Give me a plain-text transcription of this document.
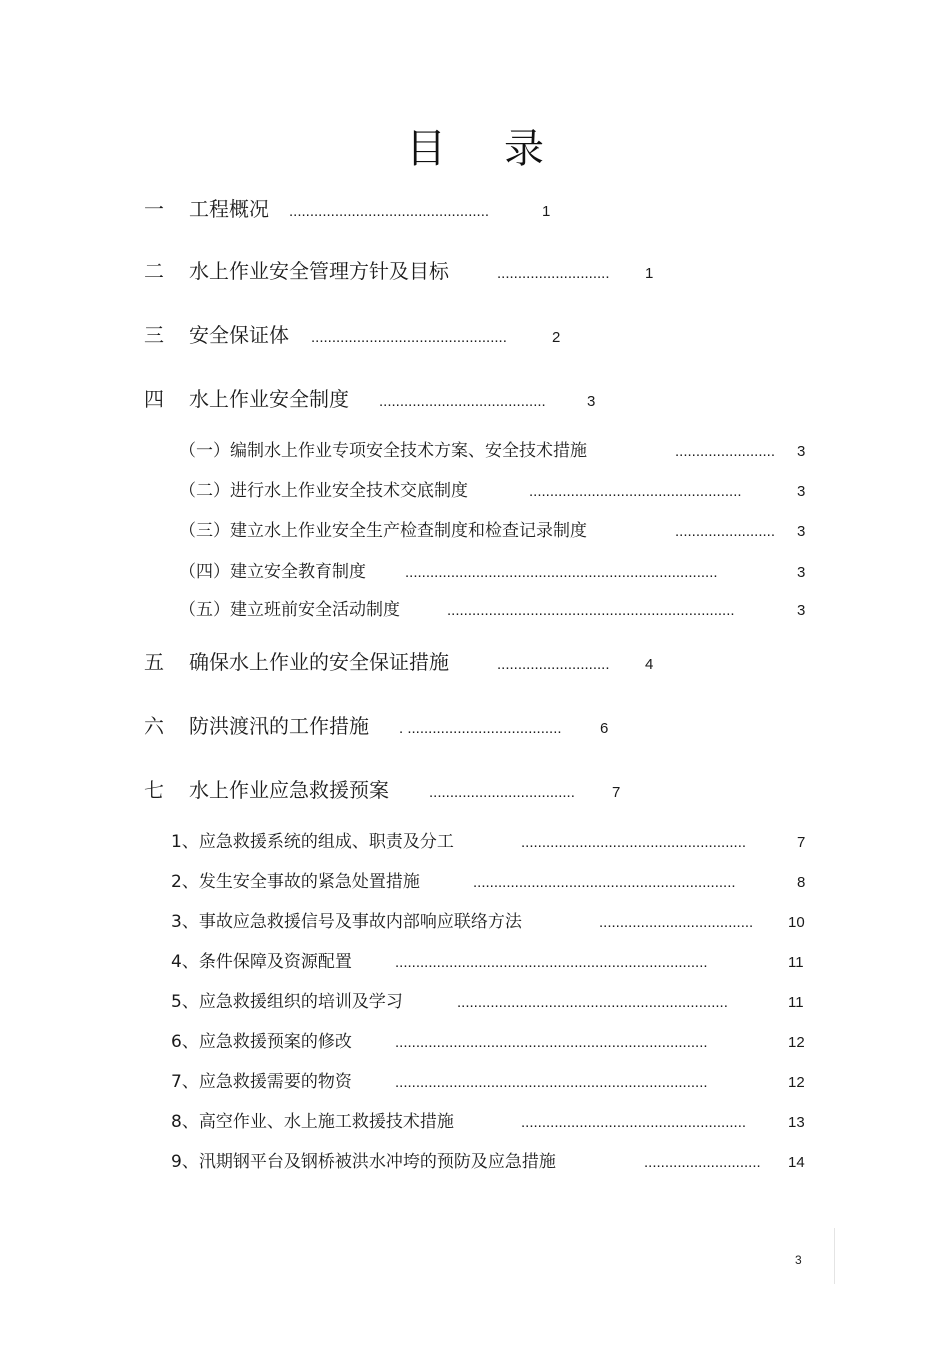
目 录
一 工程概况 ................................................	1
二 水上作业安全管理方针及目标	...........................	1
三 安全保证体 ...............................................	2
四 水上作业安全制度 ........................................	3
（一）编制水上作业专项安全技术方案、安全技术措施	........................	3
（二）进行水上作业安全技术交底制度	...................................................	3
（三）建立水上作业安全生产检查制度和检查记录制度	........................	3
（四）建立安全教育制度	...........................................................................	3
（五）建立班前安全活动制度	.....................................................................	3
五 确保水上作业的安全保证措施	...........................	4
六 防洪渡汛的工作措施 . .....................................	6
七 水上作业应急救援预案	...................................	7
1、应急救援系统的组成、职责及分工	......................................................	7
2、发生安全事故的紧急处置措施	...............................................................	8
3、事故应急救援信号及事故内部响应联络方法	.....................................	10
4、条件保障及资源配置	...........................................................................	11
5、应急救援组织的培训及学习	.................................................................	11
6、应急救援预案的修改	...........................................................................	12
7、应急救援需要的物资	...........................................................................	12
8、高空作业、水上施工救援技术措施	......................................................	13
9、汛期钢平台及钢桥被洪水冲垮的预防及应急措施	............................	14
3
